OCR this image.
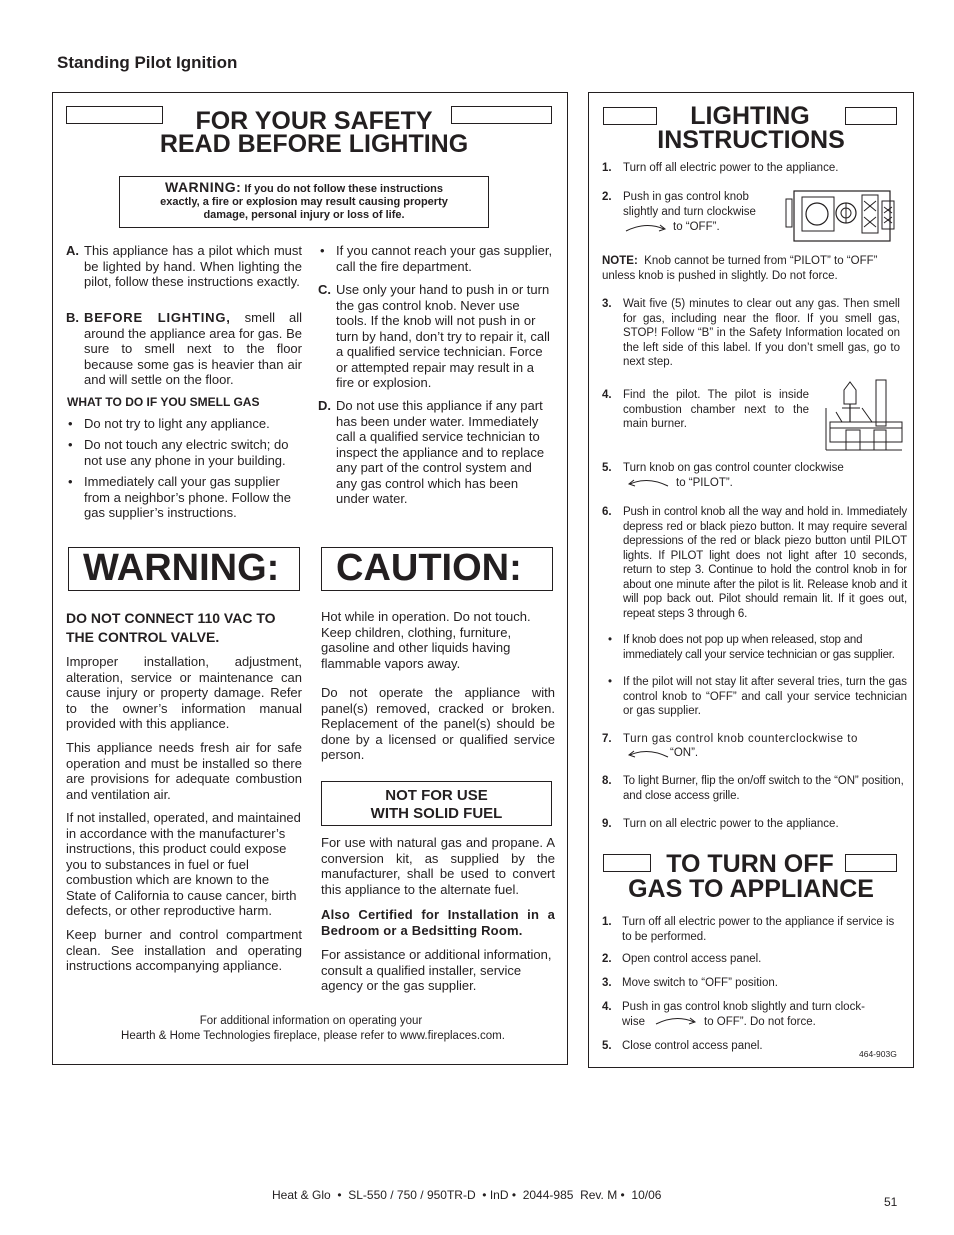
Standing Pilot Ignition
FOR YOUR SAFETY
READ BEFORE LIGHTING
WARNING: If you do not follow these instructions
exactly, a fire or explosion may result causing property
damage, personal injury or loss of life.
A. This appliance has a pilot which must be lighted by hand. When lighting the pilot, follow these instructions exactly.
B. BEFORE LIGHTING, smell all around the appliance area for gas. Be sure to smell next to the floor because some gas is heavier than air and will settle on the floor.
WHAT TO DO IF YOU SMELL GAS
• Do not try to light any appliance.
• Do not touch any electric switch; do not use any phone in your building.
• Immediately call your gas supplier from a neighbor’s phone. Follow the gas supplier’s instructions.
• If you cannot reach your gas supplier, call the fire department.
C. Use only your hand to push in or turn the gas control knob. Never use tools. If the knob will not push in or turn by hand, don’t try to repair it, call a qualified service technician. Force or attempted repair may result in a fire or explosion.
D. Do not use this appliance if any part has been under water. Immediately call a qualified service technician to inspect the appliance and to replace any part of the control system and any gas control which has been under water.
WARNING:	CAUTION:
DO NOT CONNECT 110 VAC TO THE CONTROL VALVE.
Improper installation, adjustment, alteration, service or maintenance can cause injury or property damage. Refer to the owner’s information manual provided with this appliance.
This appliance needs fresh air for safe operation and must be installed so there are provisions for adequate combustion and ventilation air.
If not installed, operated, and maintained in accordance with the manufacturer’s instructions, this product could expose you to substances in fuel or fuel combustion which are known to the State of California to cause cancer, birth defects, or other reproductive harm.
Keep burner and control compartment clean. See installation and operating instructions accompanying appliance.
Hot while in operation. Do not touch. Keep children, clothing, furniture, gasoline and other liquids having flammable vapors away.
Do not operate the appliance with panel(s) removed, cracked or broken. Replacement of the panel(s) should be done by a licensed or qualified service person.
NOT FOR USE
WITH SOLID FUEL
For use with natural gas and propane. A conversion kit, as supplied by the manufacturer, shall be used to convert this appliance to the alternate fuel.
Also Certified for Installation in a Bedroom or a Bedsitting Room.
For assistance or additional information, consult a qualified installer, service agency or the gas supplier.
For additional information on operating your
Hearth & Home Technologies fireplace, please refer to www.fireplaces.com.
LIGHTING
INSTRUCTIONS
1. Turn off all electric power to the appliance.
2. Push in gas control knob slightly and turn clockwise
to “OFF”.
NOTE: Knob cannot be turned from “PILOT” to “OFF” unless knob is pushed in slightly. Do not force.
3. Wait five (5) minutes to clear out any gas. Then smell for gas, including near the floor. If you smell gas, STOP! Follow “B” in the Safety Information located on the left side of this label. If you don’t smell gas, go to next step.
4. Find the pilot. The pilot is inside combustion chamber next to the main burner.
5. Turn knob on gas control counter clockwise
to “PILOT”.
6. Push in control knob all the way and hold in. Immediately depress red or black piezo button. It may require several depressions of the red or black piezo button until PILOT lights. If PILOT light does not light after 10 seconds, return to step 3. Continue to hold the control knob in for about one minute after the pilot is lit. Release knob and it will pop back out. Pilot should remain lit. If it goes out, repeat steps 3 through 6.
• If knob does not pop up when released, stop and immediately call your service technician or gas supplier.
• If the pilot will not stay lit after several tries, turn the gas control knob to “OFF” and call your service technician or gas supplier.
7. Turn gas control knob counterclockwise to
“ON”.
8. To light Burner, flip the on/off switch to the “ON” position, and close access grille.
9. Turn on all electric power to the appliance.
TO TURN OFF
GAS TO APPLIANCE
1. Turn off all electric power to the appliance if service is to be performed.
2. Open control access panel.
3. Move switch to “OFF” position.
4. Push in gas control knob slightly and turn clock-
wise	to OFF”. Do not force.
5. Close control access panel.
464-903G
Heat & Glo  •  SL-550 / 750 / 950TR-D  • InD •  2044-985  Rev. M •  10/06	51
